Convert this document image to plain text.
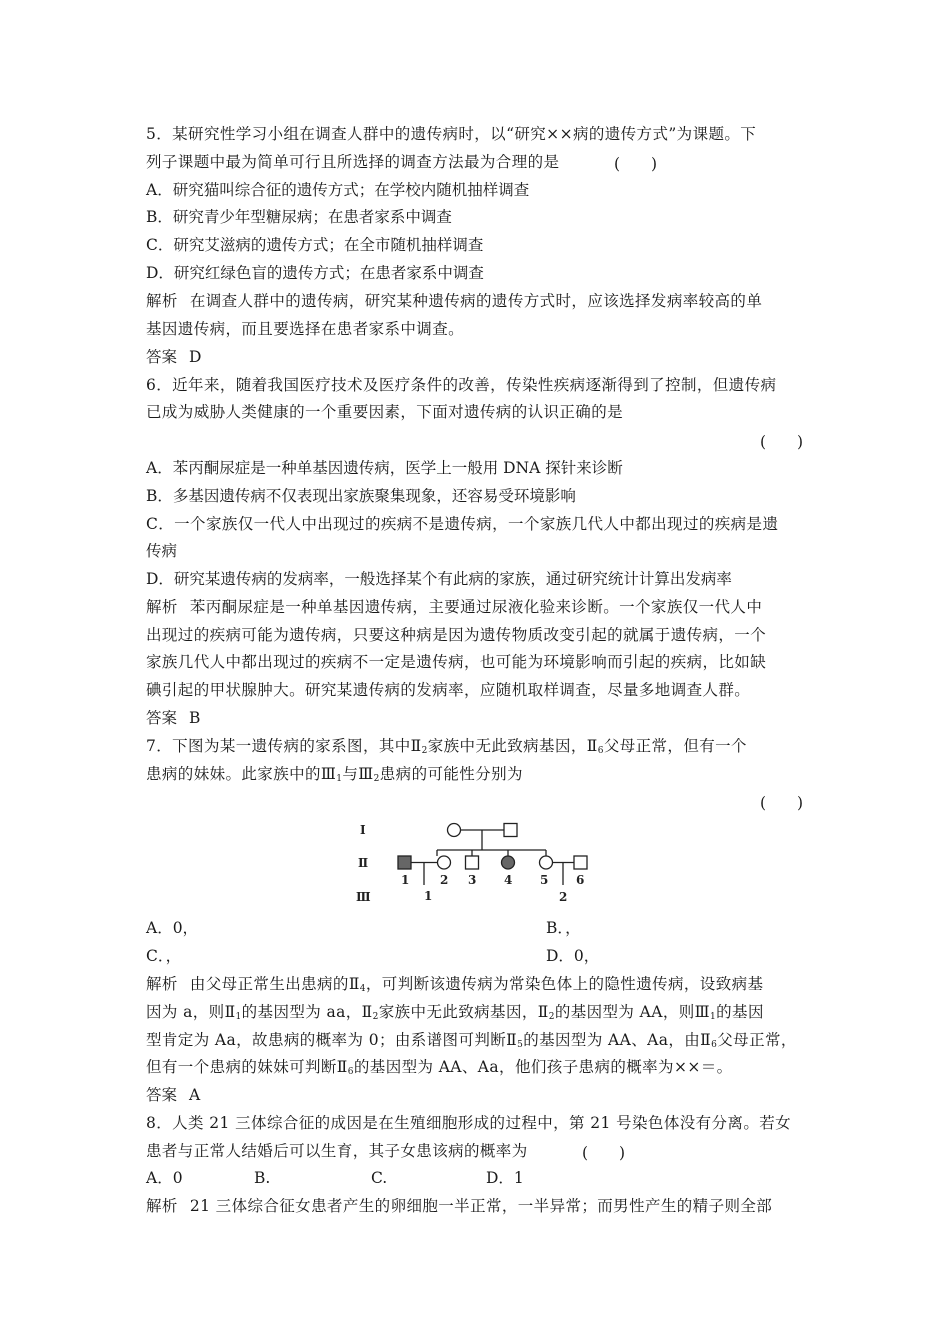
5．某研究性学习小组在调查人群中的遗传病时，以“研究××病的遗传方式”为课题。下
列子课题中最为简单可行且所选择的调查方法最为合理的是	(　　)
A．研究猫叫综合征的遗传方式；在学校内随机抽样调查
B．研究青少年型糖尿病；在患者家系中调查
C．研究艾滋病的遗传方式；在全市随机抽样调查
D．研究红绿色盲的遗传方式；在患者家系中调查
解析 在调查人群中的遗传病，研究某种遗传病的遗传方式时，应该选择发病率较高的单
基因遗传病，而且要选择在患者家系中调查。
答案 D
6．近年来，随着我国医疗技术及医疗条件的改善，传染性疾病逐渐得到了控制，但遗传病
已成为威胁人类健康的一个重要因素，下面对遗传病的认识正确的是
(　　)
A．苯丙酮尿症是一种单基因遗传病，医学上一般用 DNA 探针来诊断
B．多基因遗传病不仅表现出家族聚集现象，还容易受环境影响
C．一个家族仅一代人中出现过的疾病不是遗传病，一个家族几代人中都出现过的疾病是遗
传病
D．研究某遗传病的发病率，一般选择某个有此病的家族，通过研究统计计算出发病率
解析 苯丙酮尿症是一种单基因遗传病，主要通过尿液化验来诊断。一个家族仅一代人中
出现过的疾病可能为遗传病，只要这种病是因为遗传物质改变引起的就属于遗传病，一个
家族几代人中都出现过的疾病不一定是遗传病，也可能为环境影响而引起的疾病，比如缺
碘引起的甲状腺肿大。研究某遗传病的发病率，应随机取样调查，尽量多地调查人群。
答案 B
7．下图为某一遗传病的家系图，其中$Ⅱ_2$家族中无此致病基因，$Ⅱ_6$父母正常，但有一个
患病的妹妹。此家族中的$Ⅲ_1$与$Ⅲ_2$患病的可能性分别为
(　　)
Ⅰ
Ⅱ
Ⅲ
1	2 3 4 5 6
1	2
A．0，	B．，
C．，	D．0，
解析 由父母正常生出患病的$Ⅱ_4$，可判断该遗传病为常染色体上的隐性遗传病，设致病基
因为 a，则$Ⅱ_1$的基因型为 aa，$Ⅱ_2$家族中无此致病基因，$Ⅱ_2$的基因型为 AA，则$Ⅲ_1$的基因
型肯定为 Aa，故患病的概率为 0；由系谱图可判断$Ⅱ_5$的基因型为 AA、Aa，由$Ⅱ_6$父母正常，
但有一个患病的妹妹可判断$Ⅱ_6$的基因型为 AA、Aa，他们孩子患病的概率为××＝。
答案 A
8．人类 21 三体综合征的成因是在生殖细胞形成的过程中，第 21 号染色体没有分离。若女
患者与正常人结婚后可以生育，其子女患该病的概率为	(　　)
A．0	B.	C.	D．1
解析 21 三体综合征女患者产生的卵细胞一半正常，一半异常；而男性产生的精子则全部
